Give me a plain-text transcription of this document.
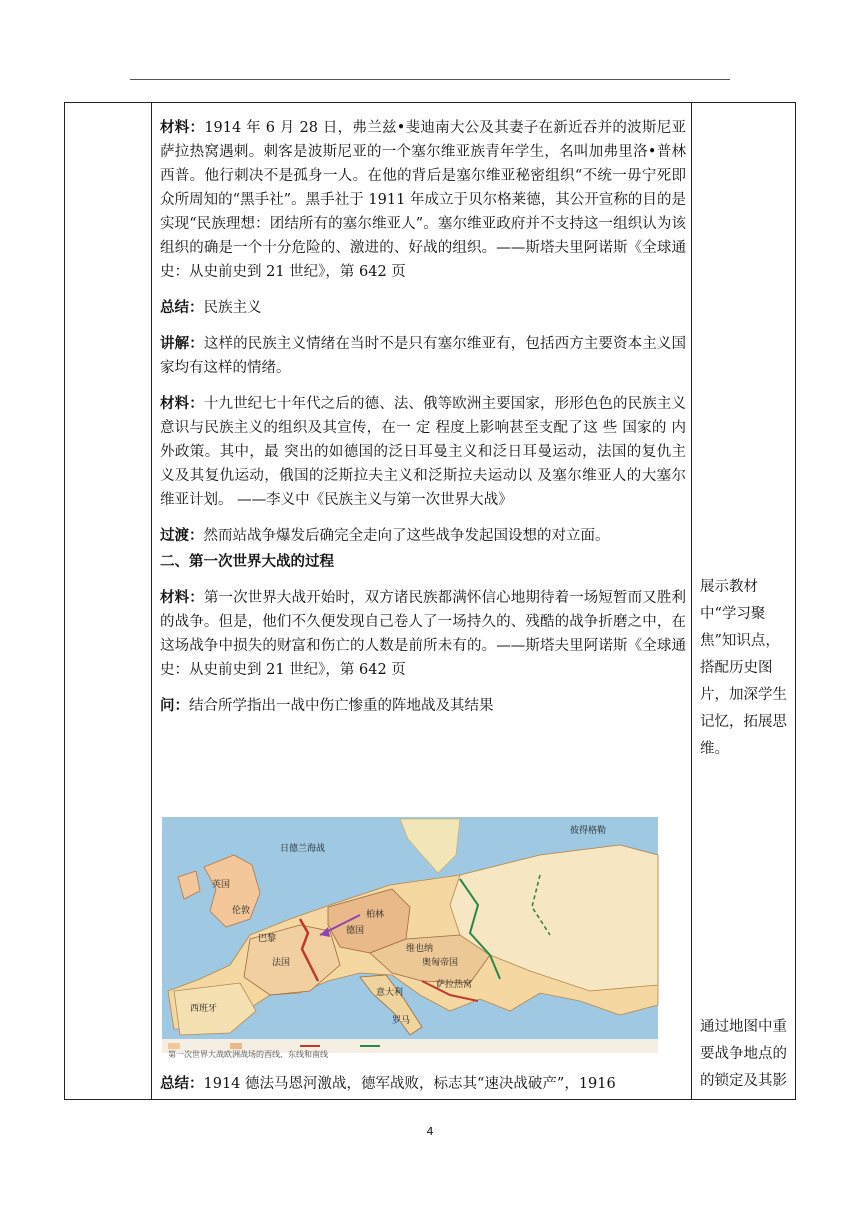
材料：1914 年 6 月 28 日，弗兰兹•斐迪南大公及其妻子在新近吞并的波斯尼亚萨拉热窝遇刺。刺客是波斯尼亚的一个塞尔维亚族青年学生，名叫加弗里洛•普林西普。他行刺决不是孤身一人。在他的背后是塞尔维亚秘密组织“不统一毋宁死即众所周知的“黑手社”。黑手社于 1911 年成立于贝尔格莱德，其公开宣称的目的是实现“民族理想：团结所有的塞尔维亚人”。塞尔维亚政府并不支持这一组织认为该组织的确是一个十分危险的、激进的、好战的组织。——斯塔夫里阿诺斯《全球通史：从史前史到 21 世纪》，第 642 页

总结：民族主义

讲解：这样的民族主义情绪在当时不是只有塞尔维亚有，包括西方主要资本主义国家均有这样的情绪。

材料：十九世纪七十年代之后的德、法、俄等欧洲主要国家，形形色色的民族主义意识与民族主义的组织及其宣传，在一 定 程度上影响甚至支配了这 些 国家的 内外政策。其中，最 突出的如德国的泛日耳曼主义和泛日耳曼运动，法国的复仇主义及其复仇运动，俄国的泛斯拉夫主义和泛斯拉夫运动以 及塞尔维亚人的大塞尔维亚计划。 ——李义中《民族主义与第一次世界大战》

过渡：然而站战争爆发后确完全走向了这些战争发起国设想的对立面。

二、第一次世界大战的过程

材料：第一次世界大战开始时，双方诸民族都满怀信心地期待着一场短暂而又胜利的战争。但是，他们不久便发现自己卷人了一场持久的、残酷的战争折磨之中，在这场战争中损失的财富和伤亡的人数是前所未有的。——斯塔夫里阿诺斯《全球通史：从史前史到 21 世纪》，第 642 页

问：结合所学指出一战中伤亡惨重的阵地战及其结果

英国
伦敦	柏林
德国
巴黎
法国
维也纳
奥匈帝国
意大利
罗马
西班牙
彼得格勒
日德兰海战
萨拉热窝
第一次世界大战欧洲战场的西线、东线和南线

总结：1914 德法马恩河激战，德军战败，标志其“速决战破产”，1916

展示教材中“学习聚焦”知识点，搭配历史图片，加深学生记忆，拓展思维。
通过地图中重要战争地点的的锁定及其影
4
